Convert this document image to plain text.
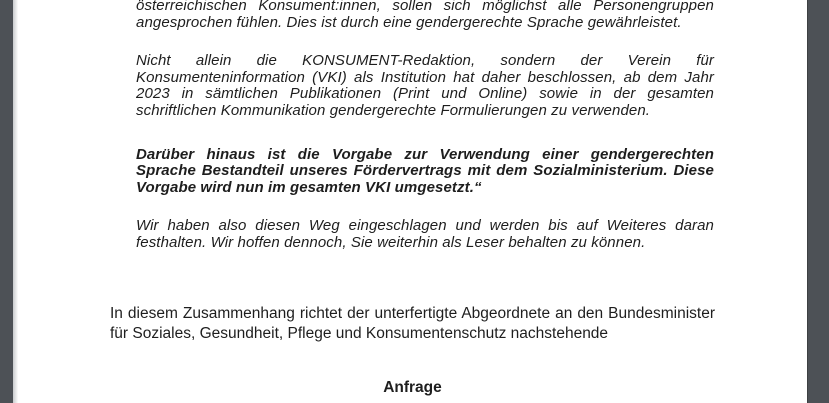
österreichischen Konsument:innen, sollen sich möglichst alle Personengruppen angesprochen fühlen. Dies ist durch eine gendergerechte Sprache gewährleistet.

Nicht allein die KONSUMENT-Redaktion, sondern der Verein für Konsumenteninformation (VKI) als Institution hat daher beschlossen, ab dem Jahr 2023 in sämtlichen Publikationen (Print und Online) sowie in der gesamten schriftlichen Kommunikation gendergerechte Formulierungen zu verwenden.

Darüber hinaus ist die Vorgabe zur Verwendung einer gendergerechten Sprache Bestandteil unseres Fördervertrags mit dem Sozialministerium. Diese Vorgabe wird nun im gesamten VKI umgesetzt.“

Wir haben also diesen Weg eingeschlagen und werden bis auf Weiteres daran festhalten. Wir hoffen dennoch, Sie weiterhin als Leser behalten zu können.

In diesem Zusammenhang richtet der unterfertigte Abgeordnete an den Bundesminister für Soziales, Gesundheit, Pflege und Konsumentenschutz nachstehende

Anfrage
